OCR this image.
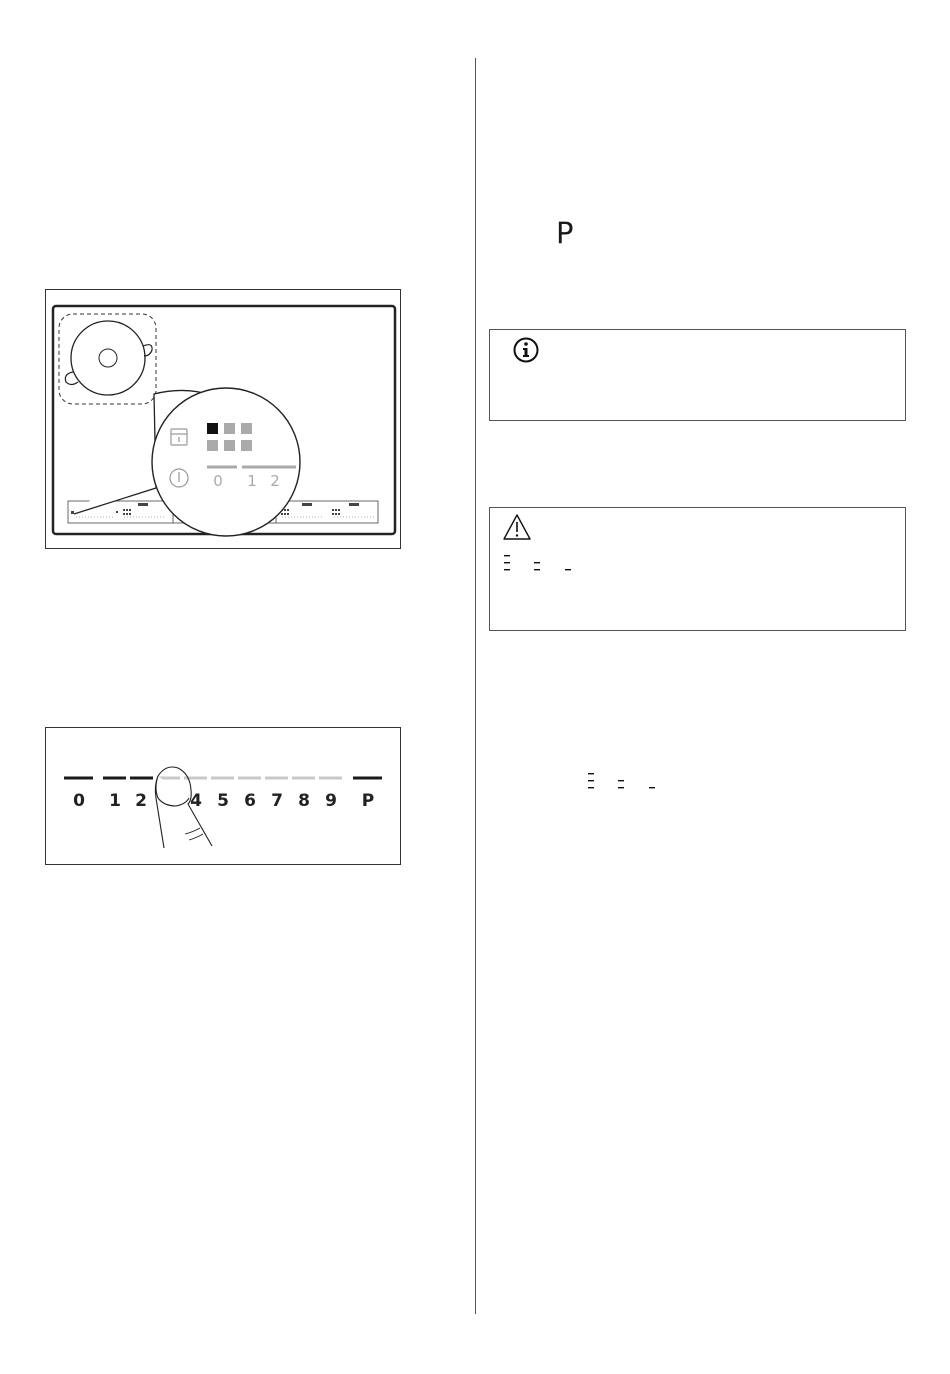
0 1 2
0 1 2	4 5 6 7 8 9 P
P
